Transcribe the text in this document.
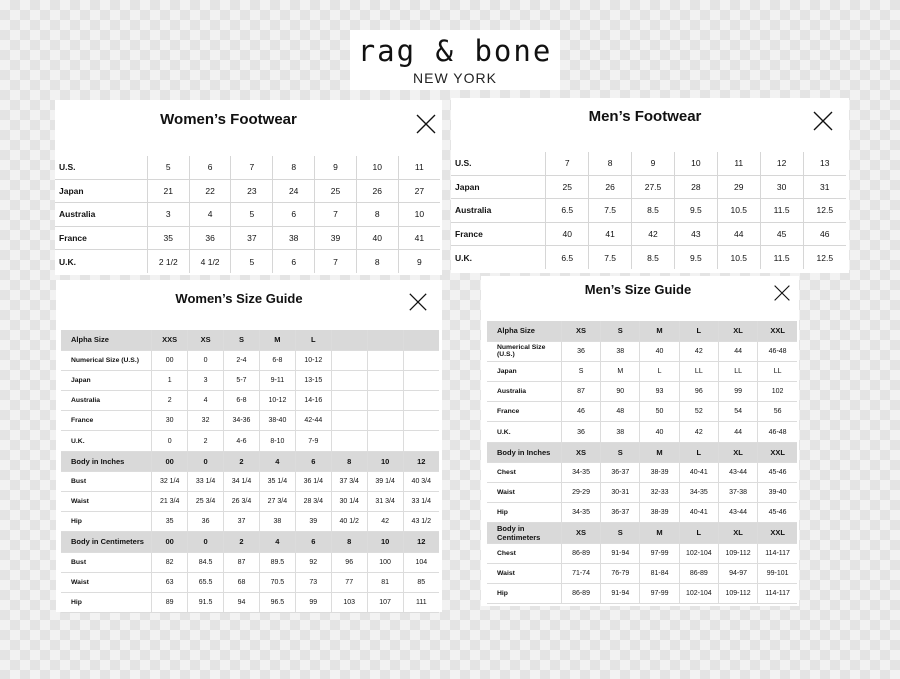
rag & bone
NEW YORK
Women’s Footwear
U.S.	5	6	7	8	9	10	11
Japan	21	22	23	24	25	26	27
Australia	3	4	5	6	7	8	10
France	35	36	37	38	39	40	41
U.K.	2 1/2	4 1/2	5	6	7	8	9
Men’s Footwear
U.S.	7	8	9	10	11	12	13
Japan	25	26	27.5	28	29	30	31
Australia	6.5	7.5	8.5	9.5	10.5	11.5	12.5
France	40	41	42	43	44	45	46
U.K.	6.5	7.5	8.5	9.5	10.5	11.5	12.5
Women’s Size Guide
Alpha Size	XXS	XS	S	M	L			
Numerical Size (U.S.)	00	0	2-4	6-8	10-12			
Japan	1	3	5-7	9-11	13-15			
Australia	2	4	6-8	10-12	14-16			
France	30	32	34-36	38-40	42-44			
U.K.	0	2	4-6	8-10	7-9			
Body in Inches	00	0	2	4	6	8	10	12
Bust	32 1/4	33 1/4	34 1/4	35 1/4	36 1/4	37 3/4	39 1/4	40 3/4
Waist	21 3/4	25 3/4	26 3/4	27 3/4	28 3/4	30 1/4	31 3/4	33 1/4
Hip	35	36	37	38	39	40 1/2	42	43 1/2
Body in Centimeters	00	0	2	4	6	8	10	12
Bust	82	84.5	87	89.5	92	96	100	104
Waist	63	65.5	68	70.5	73	77	81	85
Hip	89	91.5	94	96.5	99	103	107	111
Men’s Size Guide
Alpha Size	XS	S	M	L	XL	XXL
Numerical Size (U.S.)	36	38	40	42	44	46-48
Japan	S	M	L	LL	LL	LL
Australia	87	90	93	96	99	102
France	46	48	50	52	54	56
U.K.	36	38	40	42	44	46-48
Body in Inches	XS	S	M	L	XL	XXL
Chest	34-35	36-37	38-39	40-41	43-44	45-46
Waist	29-29	30-31	32-33	34-35	37-38	39-40
Hip	34-35	36-37	38-39	40-41	43-44	45-46
Body in Centimeters	XS	S	M	L	XL	XXL
Chest	86-89	91-94	97-99	102-104	109-112	114-117
Waist	71-74	76-79	81-84	86-89	94-97	99-101
Hip	86-89	91-94	97-99	102-104	109-112	114-117
